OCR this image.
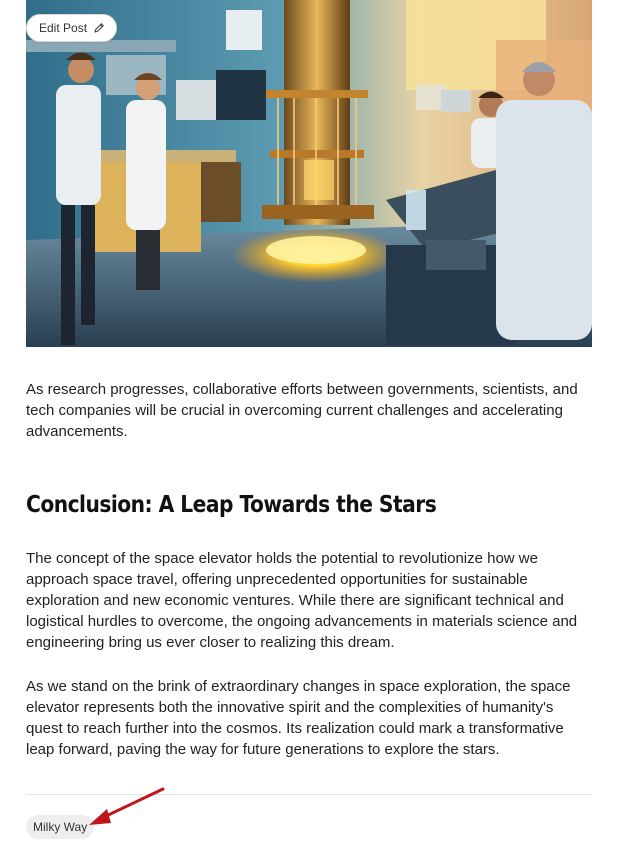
Edit Post

As research progresses, collaborative efforts between governments, scientists, and tech companies will be crucial in overcoming current challenges and accelerating advancements.

Conclusion: A Leap Towards the Stars

The concept of the space elevator holds the potential to revolutionize how we approach space travel, offering unprecedented opportunities for sustainable exploration and new economic ventures. While there are significant technical and logistical hurdles to overcome, the ongoing advancements in materials science and engineering bring us ever closer to realizing this dream.

As we stand on the brink of extraordinary changes in space exploration, the space elevator represents both the innovative spirit and the complexities of humanity's quest to reach further into the cosmos. Its realization could mark a transformative leap forward, paving the way for future generations to explore the stars.

Milky Way
